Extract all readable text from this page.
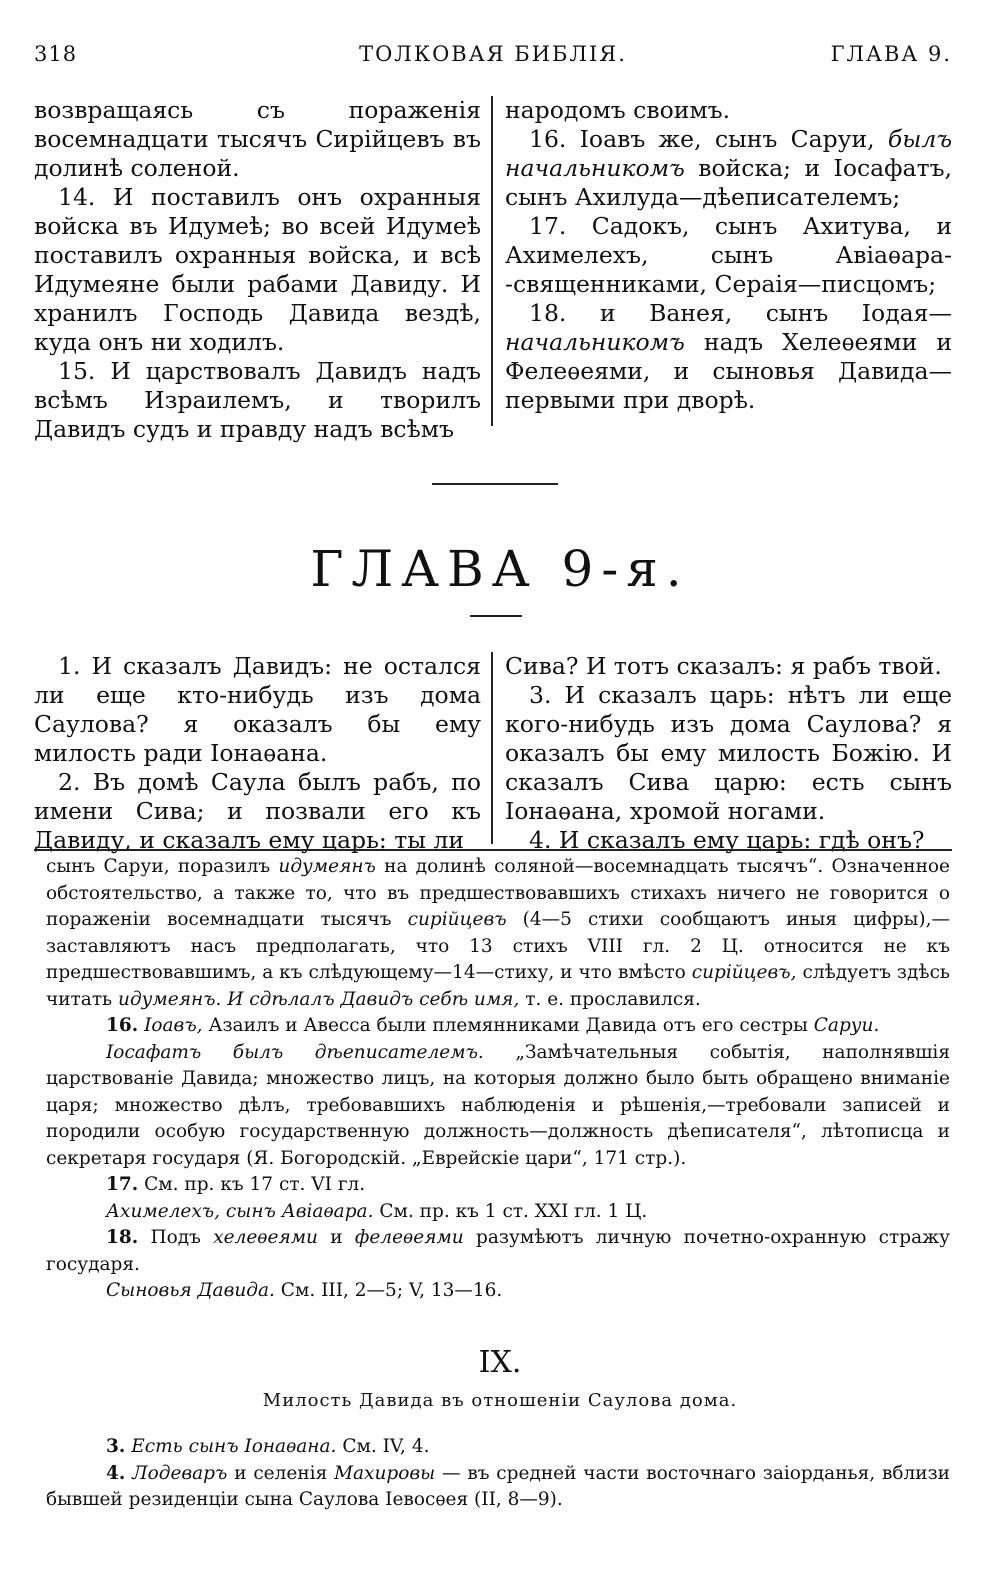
318	ТОЛКОВАЯ БИБЛІЯ.	ГЛАВА 9.

возвращаясь съ пораженія восемнадцати тысячъ Сирійцевъ въ долинѣ соленой.

14. И поставилъ онъ охранныя войска въ Идумеѣ; во всей Идумеѣ поставилъ охранныя войска, и всѣ Идумеяне были рабами Давиду. И хранилъ Господь Давида вездѣ, куда онъ ни ходилъ.

15. И царствовалъ Давидъ надъ всѣмъ Израилемъ, и творилъ Давидъ судъ и правду надъ всѣмъ

народомъ своимъ.

16. Іоавъ же, сынъ Саруи, былъ начальникомъ войска; и Іосафатъ, сынъ Ахилуда—дѣеписателемъ;

17. Садокъ, сынъ Ахитува, и Ахимелехъ, сынъ Авіаѳара- -священниками, Сераія—писцомъ;

18. и Ванея, сынъ Іодая—начальникомъ надъ Хелеѳеями и Фелеѳеями, и сыновья Давида—первыми при дворѣ.

ГЛАВА 9-я.

1. И сказалъ Давидъ: не остался ли еще кто-нибудь изъ дома Саулова? я оказалъ бы ему милость ради Іонаѳана.

2. Въ домѣ Саула былъ рабъ, по имени Сива; и позвали его къ Давиду, и сказалъ ему царь: ты ли

Сива? И тотъ сказалъ: я рабъ твой.

3. И сказалъ царь: нѣтъ ли еще кого-нибудь изъ дома Саулова? я оказалъ бы ему милость Божію. И сказалъ Сива царю: есть сынъ Іонаѳана, хромой ногами.

4. И сказалъ ему царь: гдѣ онъ?

сынъ Саруи, поразилъ идумеянъ на долинѣ соляной—восемнадцать тысячъ“. Означенное обстоятельство, а также то, что въ предшествовавшихъ стихахъ ничего не говорится о пораженіи восемнадцати тысячъ сирійцевъ (4—5 стихи сообщаютъ иныя цифры),—заставляютъ насъ предполагать, что 13 стихъ VIII гл. 2 Ц. относится не къ предшествовавшимъ, а къ слѣдующему—14—стиху, и что вмѣсто сирійцевъ, слѣдуетъ здѣсь читать идумеянъ. И сдѣлалъ Давидъ себѣ имя, т. е. прославился.

16. Іоавъ, Азаилъ и Авесса были племянниками Давида отъ его сестры Саруи.

Іосафатъ былъ дѣеписателемъ. „Замѣчательныя событія, наполнявшія царствованіе Давида; множество лицъ, на которыя должно было быть обращено вниманіе царя; множество дѣлъ, требовавшихъ наблюденія и рѣшенія,—требовали записей и породили особую государственную должность—должность дѣеписателя“, лѣтописца и секретаря государя (Я. Богородскій. „Еврейскіе цари“, 171 стр.).

17. См. пр. къ 17 ст. VI гл.

Ахимелехъ, сынъ Авіаѳара. См. пр. къ 1 ст. XXI гл. 1 Ц.

18. Подъ хелеѳеями и фелеѳеями разумѣютъ личную почетно-охранную стражу государя.

Сыновья Давида. См. III, 2—5; V, 13—16.

IX.
Милость Давида въ отношеніи Саулова дома.

3. Есть сынъ Іонаѳана. См. IV, 4.

4. Лодеваръ и селенія Махировы — въ средней части восточнаго заіорданья, вблизи бывшей резиденціи сына Саулова Іевосѳея (II, 8—9).
